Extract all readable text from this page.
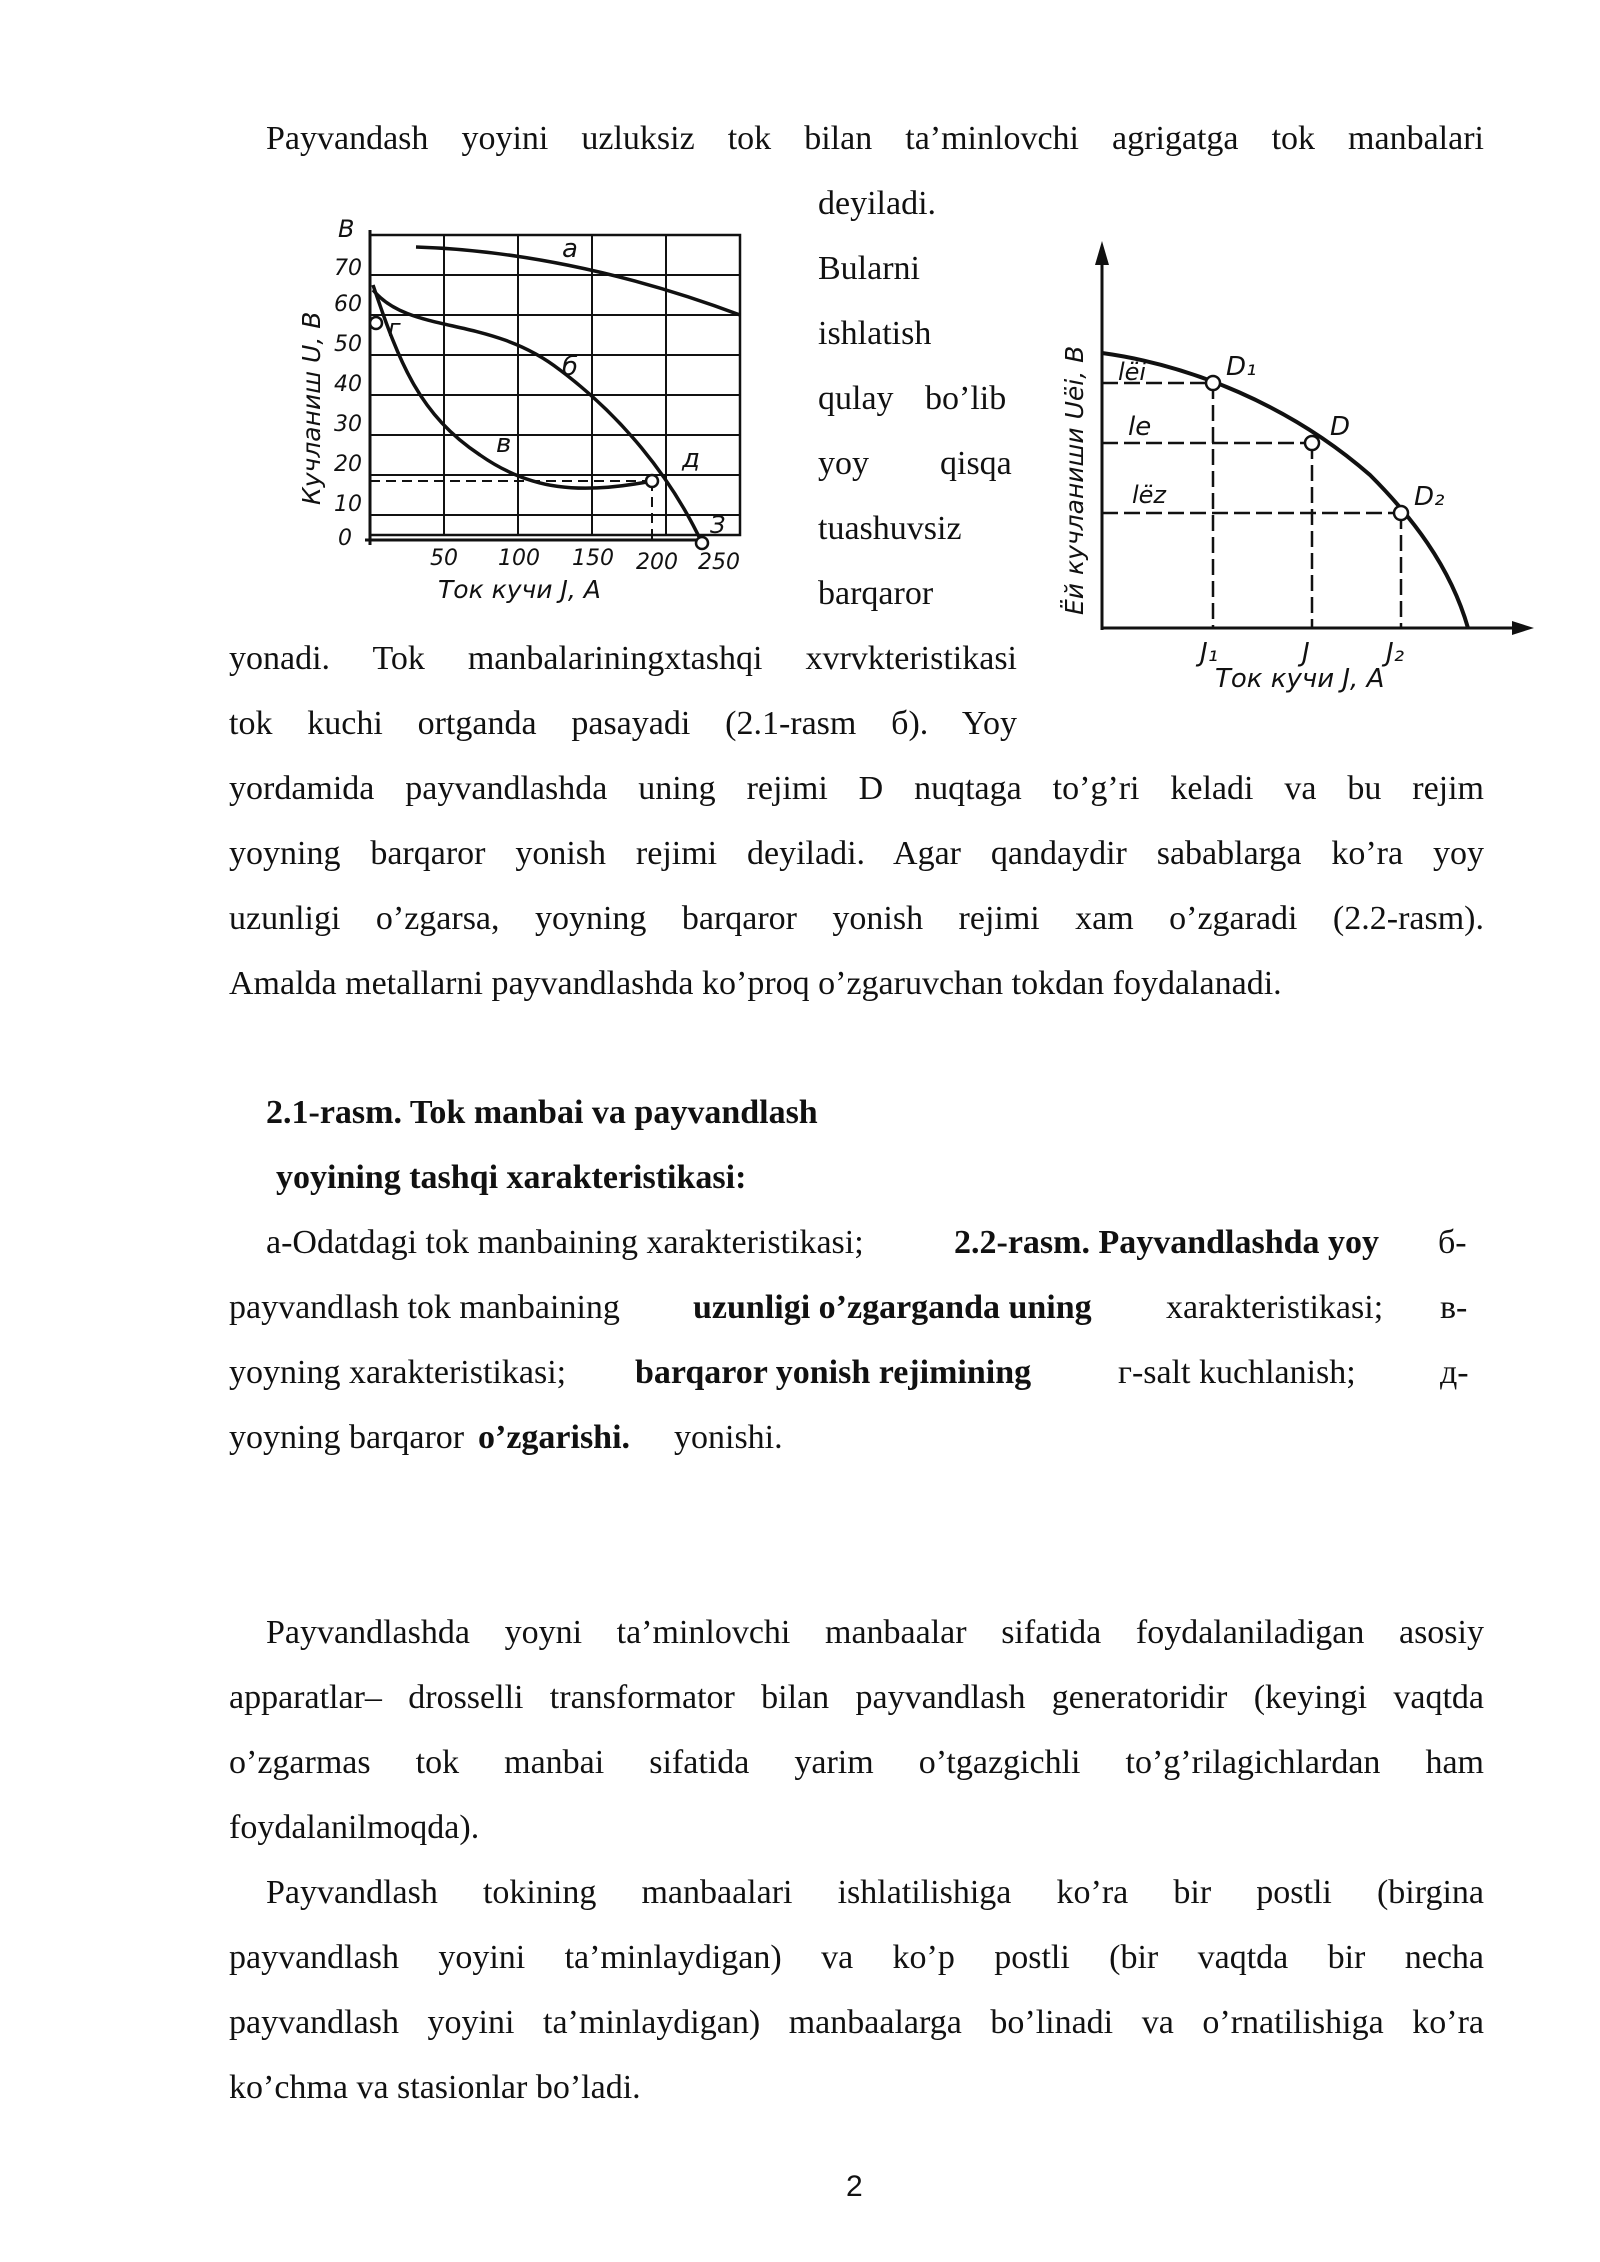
Payvandash yoyini uzluksiz tok bilan ta’minlovchi agrigatga tok manbalari
deyiladi.
Bularni
ishlatish
qulay bo’lib
yoy qisqa
tuashuvsiz
barqaror
yonadi. Tok manbalariningxtashqi xvrvkteristikasi
tok kuchi ortganda pasayadi (2.1-rasm б). Yoy
yordamida payvandlashda uning rejimi D nuqtaga to’g’ri keladi va bu rejim
yoyning barqaror yonish rejimi deyiladi. Agar qandaydir sabablarga ko’ra yoy
uzunligi o’zgarsa, yoyning barqaror yonish rejimi xam o’zgaradi (2.2-rasm).
Amalda metallarni payvandlashda ko’proq o’zgaruvchan tokdan foydalanadi.
В
70
60
50
40
30
20
10
0
50 100 150 200 250
Ток кучи J, А
Кучланиш U, В
а
б
в
г
д
З
lёi
le
lёz
D₁
D
D₂
J₁	J	J₂
Ток кучи J, А
Ёй кучланиши Uёi, В
2.1-rasm. Tok manbai va payvandlash
yoyining tashqi xarakteristikasi:
a-Odatdagi tok manbaining xarakteristikasi;	2.2-rasm. Payvandlashda yoy б-
payvandlash tok manbaining uzunligi o’zgarganda uning xarakteristikasi; в-
yoyning xarakteristikasi; barqaror yonish rejimining	г-salt kuchlanish; д-
yoyning barqaror o’zgarishi. yonishi.
Payvandlashda yoyni ta’minlovchi manbaalar sifatida foydalaniladigan asosiy
apparatlar– drosselli transformator bilan payvandlash generatoridir (keyingi vaqtda
o’zgarmas tok manbai sifatida yarim o’tgazgichli to’g’rilagichlardan ham
foydalanilmoqda).
Payvandlash tokining manbaalari ishlatilishiga ko’ra bir postli (birgina
payvandlash yoyini ta’minlaydigan) va ko’p postli (bir vaqtda bir necha
payvandlash yoyini ta’minlaydigan) manbaalarga bo’linadi va o’rnatilishiga ko’ra
ko’chma va stasionlar bo’ladi.
2
